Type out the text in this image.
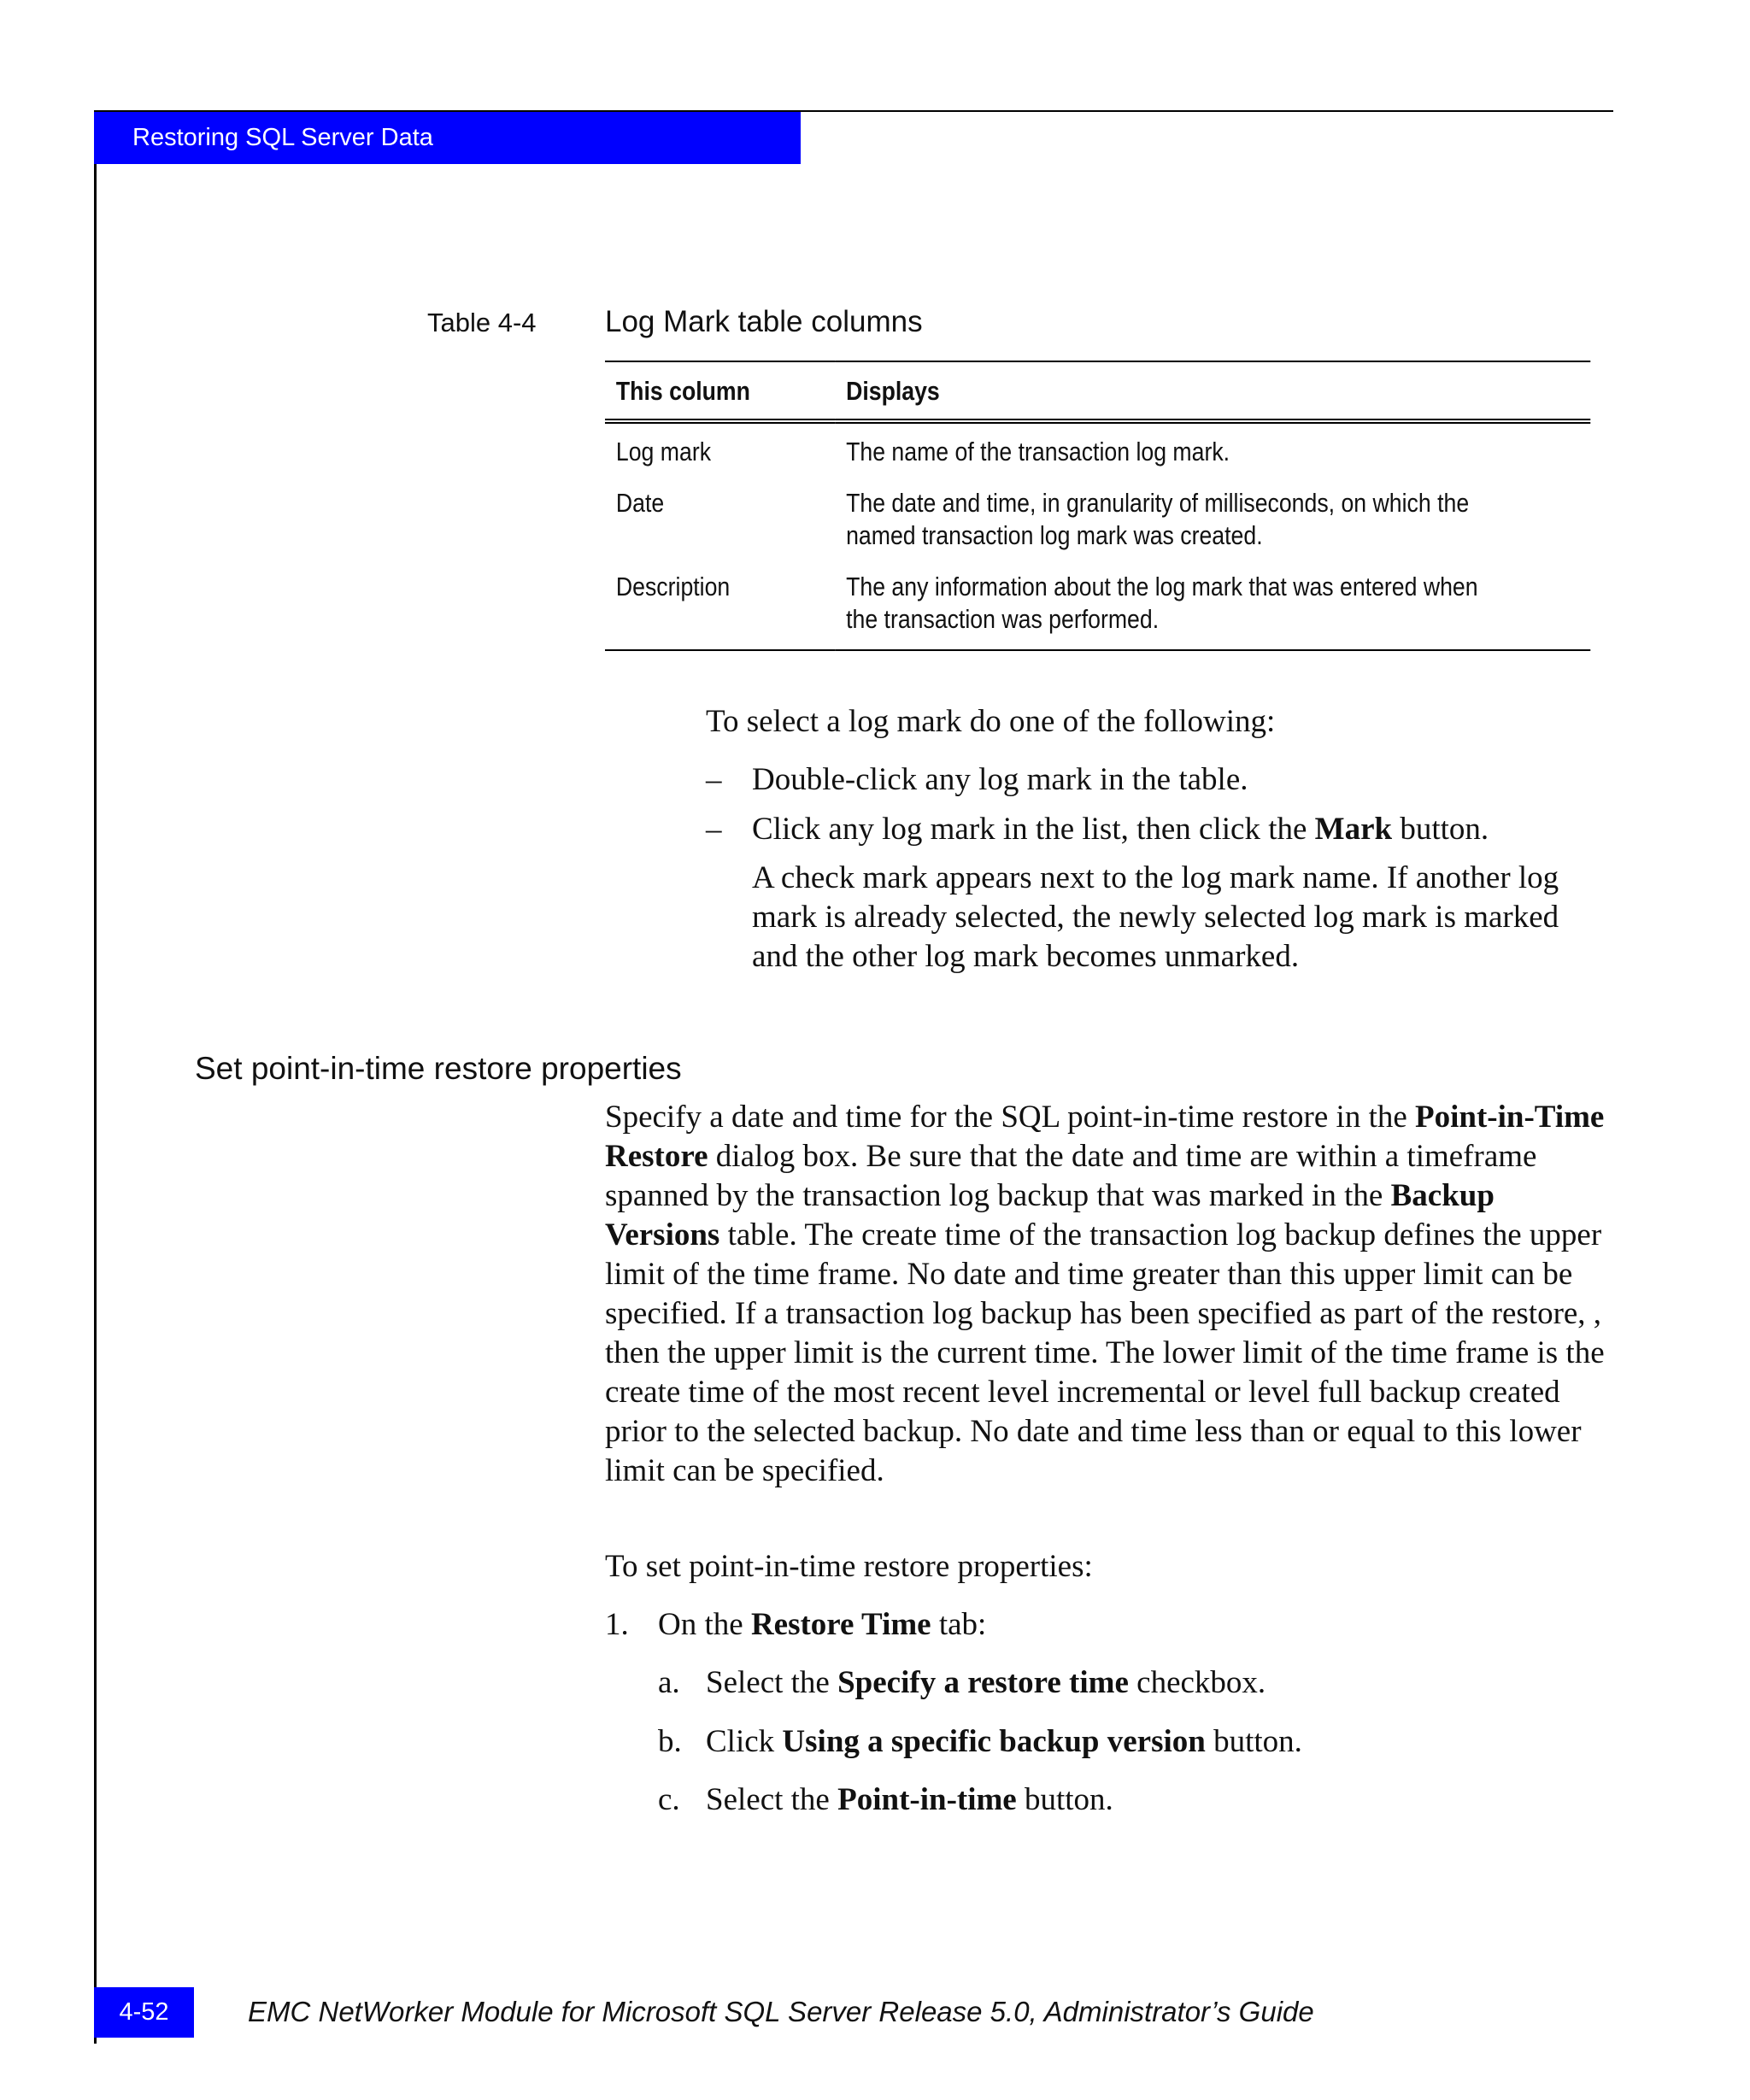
Restoring SQL Server Data
Table 4-4 Log Mark table columns
This column	Displays
Log mark	The name of the transaction log mark.
Date	The date and time, in granularity of milliseconds, on which the named transaction log mark was created.

Description	The any information about the log mark that was entered when the transaction was performed.
To select a log mark do one of the following:
– Double-click any log mark in the table.
– Click any log mark in the list, then click the Mark button.
A check mark appears next to the log mark name. If another log mark is already selected, the newly selected log mark is marked and the other log mark becomes unmarked.
Set point-in-time restore properties
Specify a date and time for the SQL point-in-time restore in the Point-in-Time Restore dialog box. Be sure that the date and time are within a timeframe spanned by the transaction log backup that was marked in the Backup Versions table. The create time of the transaction log backup defines the upper limit of the time frame. No date and time greater than this upper limit can be specified. If a transaction log backup has been specified as part of the restore, , then the upper limit is the current time. The lower limit of the time frame is the create time of the most recent level incremental or level full backup created prior to the selected backup. No date and time less than or equal to this lower limit can be specified.
To set point-in-time restore properties:
1. On the Restore Time tab:
a. Select the Specify a restore time checkbox.
b. Click Using a specific backup version button.
c. Select the Point-in-time button.
4-52	EMC NetWorker Module for Microsoft SQL Server Release 5.0, Administrator’s Guide
